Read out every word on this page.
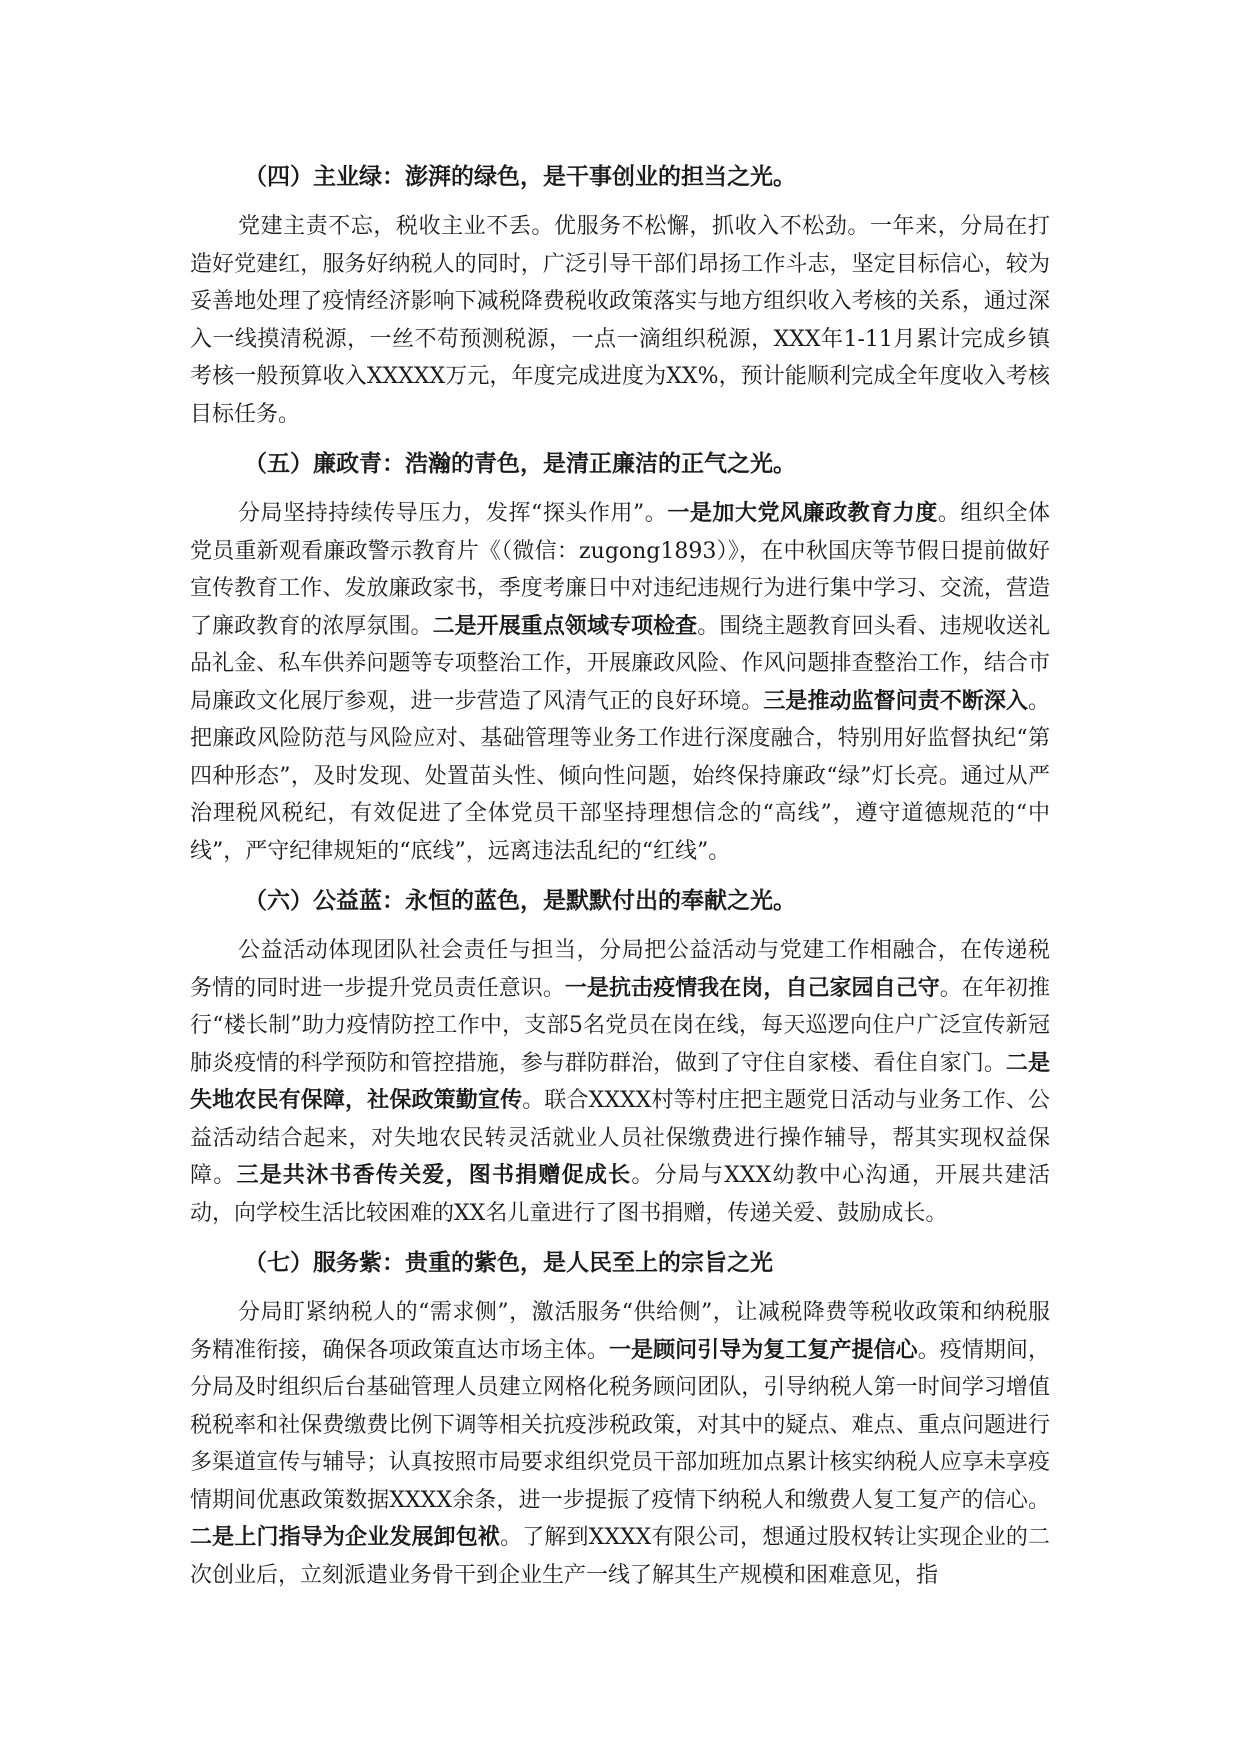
（四）主业绿：澎湃的绿色，是干事创业的担当之光。

党建主责不忘，税收主业不丢。优服务不松懈，抓收入不松劲。一年来，分局在打造好党建红，服务好纳税人的同时，广泛引导干部们昂扬工作斗志，坚定目标信心，较为妥善地处理了疫情经济影响下减税降费税收政策落实与地方组织收入考核的关系，通过深入一线摸清税源，一丝不苟预测税源，一点一滴组织税源，XXX年1-11月累计完成乡镇考核一般预算收入XXXXX万元，年度完成进度为XX%，预计能顺利完成全年度收入考核目标任务。

（五）廉政青：浩瀚的青色，是清正廉洁的正气之光。

分局坚持持续传导压力，发挥“探头作用”。一是加大党风廉政教育力度。组织全体党员重新观看廉政警示教育片《（微信：zugong1893）》，在中秋国庆等节假日提前做好宣传教育工作、发放廉政家书，季度考廉日中对违纪违规行为进行集中学习、交流，营造了廉政教育的浓厚氛围。二是开展重点领域专项检查。围绕主题教育回头看、违规收送礼品礼金、私车供养问题等专项整治工作，开展廉政风险、作风问题排查整治工作，结合市局廉政文化展厅参观，进一步营造了风清气正的良好环境。三是推动监督问责不断深入。把廉政风险防范与风险应对、基础管理等业务工作进行深度融合，特别用好监督执纪“第四种形态”，及时发现、处置苗头性、倾向性问题，始终保持廉政“绿”灯长亮。通过从严治理税风税纪，有效促进了全体党员干部坚持理想信念的“高线”，遵守道德规范的“中线”，严守纪律规矩的“底线”，远离违法乱纪的“红线”。

（六）公益蓝：永恒的蓝色，是默默付出的奉献之光。

公益活动体现团队社会责任与担当，分局把公益活动与党建工作相融合，在传递税务情的同时进一步提升党员责任意识。一是抗击疫情我在岗，自己家园自己守。在年初推行“楼长制”助力疫情防控工作中，支部5名党员在岗在线，每天巡逻向住户广泛宣传新冠肺炎疫情的科学预防和管控措施，参与群防群治，做到了守住自家楼、看住自家门。二是失地农民有保障，社保政策勤宣传。联合XXXX村等村庄把主题党日活动与业务工作、公益活动结合起来，对失地农民转灵活就业人员社保缴费进行操作辅导，帮其实现权益保障。三是共沐书香传关爱，图书捐赠促成长。分局与XXX幼教中心沟通，开展共建活动，向学校生活比较困难的XX名儿童进行了图书捐赠，传递关爱、鼓励成长。

（七）服务紫：贵重的紫色，是人民至上的宗旨之光

分局盯紧纳税人的“需求侧”，激活服务“供给侧”，让减税降费等税收政策和纳税服务精准衔接，确保各项政策直达市场主体。一是顾问引导为复工复产提信心。疫情期间，分局及时组织后台基础管理人员建立网格化税务顾问团队，引导纳税人第一时间学习增值税税率和社保费缴费比例下调等相关抗疫涉税政策，对其中的疑点、难点、重点问题进行多渠道宣传与辅导；认真按照市局要求组织党员干部加班加点累计核实纳税人应享未享疫情期间优惠政策数据XXXX余条，进一步提振了疫情下纳税人和缴费人复工复产的信心。二是上门指导为企业发展卸包袱。了解到XXXX有限公司，想通过股权转让实现企业的二次创业后，立刻派遣业务骨干到企业生产一线了解其生产规模和困难意见，指
